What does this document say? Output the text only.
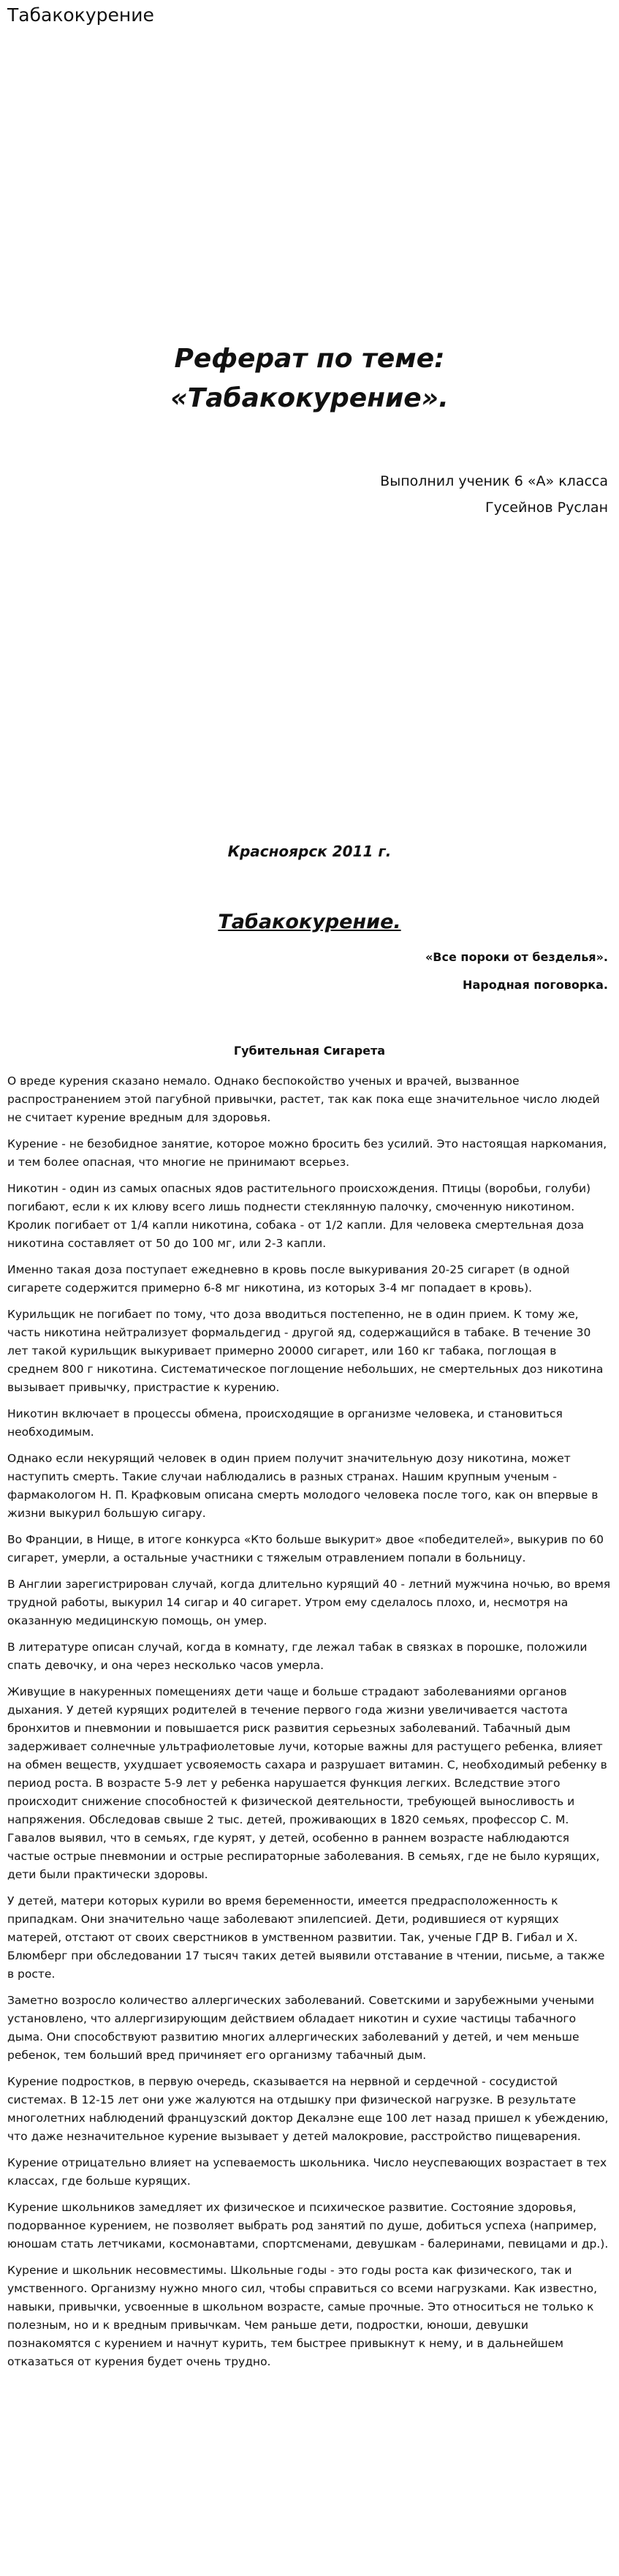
Табакокурение
Реферат по теме:
«Табакокурение».
Выполнил ученик 6 «А» класса
Гусейнов Руслан
Красноярск 2011 г.
Табакокурение.
«Все пороки от безделья».
Народная поговорка.
Губительная Сигарета

О вреде курения сказано немало. Однако беспокойство ученых и врачей, вызванное распространением этой пагубной привычки, растет, так как пока еще значительное число людей не считает курение вредным для здоровья.

Курение - не безобидное занятие, которое можно бросить без усилий. Это настоящая наркомания, и тем более опасная, что многие не принимают всерьез.

Никотин - один из самых опасных ядов растительного происхождения. Птицы (воробьи, голуби) погибают, если к их клюву всего лишь поднести стеклянную палочку, смоченную никотином. Кролик погибает от 1/4 капли никотина, собака - от 1/2 капли. Для человека смертельная доза никотина составляет от 50 до 100 мг, или 2-3 капли.

Именно такая доза поступает ежедневно в кровь после выкуривания 20-25 сигарет (в одной сигарете содержится примерно 6-8 мг никотина, из которых 3-4 мг попадает в кровь).

Курильщик не погибает по тому, что доза вводиться постепенно, не в один прием. К тому же, часть никотина нейтрализует формальдегид - другой яд, содержащийся в табаке. В течение 30 лет такой курильщик выкуривает примерно 20000 сигарет, или 160 кг табака, поглощая в среднем 800 г никотина. Систематическое поглощение небольших, не смертельных доз никотина вызывает привычку, пристрастие к курению.

Никотин включает в процессы обмена, происходящие в организме человека, и становиться необходимым.

Однако если некурящий человек в один прием получит значительную дозу никотина, может наступить смерть. Такие случаи наблюдались в разных странах. Нашим крупным ученым - фармакологом Н. П. Крафковым описана смерть молодого человека после того, как он впервые в жизни выкурил большую сигару.

Во Франции, в Нище, в итоге конкурса «Кто больше выкурит» двое «победителей», выкурив по 60 сигарет, умерли, а остальные участники с тяжелым отравлением попали в больницу.

В Англии зарегистрирован случай, когда длительно курящий 40 - летний мужчина ночью, во время трудной работы, выкурил 14 сигар и 40 сигарет. Утром ему сделалось плохо, и, несмотря на оказанную медицинскую помощь, он умер.

В литературе описан случай, когда в комнату, где лежал табак в связках в порошке, положили спать девочку, и она через несколько часов умерла.

Живущие в накуренных помещениях дети чаще и больше страдают заболеваниями органов дыхания. У детей курящих родителей в течение первого года жизни увеличивается частота бронхитов и пневмонии и повышается риск развития серьезных заболеваний. Табачный дым задерживает солнечные ультрафиолетовые лучи, которые важны для растущего ребенка, влияет на обмен веществ, ухудшает усвояемость сахара и разрушает витамин. С, необходимый ребенку в период роста. В возрасте 5-9 лет у ребенка нарушается функция легких. Вследствие этого происходит снижение способностей к физической деятельности, требующей выносливость и напряжения. Обследовав свыше 2 тыс. детей, проживающих в 1820 семьях, профессор С. М. Гавалов выявил, что в семьях, где курят, у детей, особенно в раннем возрасте наблюдаются частые острые пневмонии и острые респираторные заболевания. В семьях, где не было курящих, дети были практически здоровы.

У детей, матери которых курили во время беременности, имеется предрасположенность к припадкам. Они значительно чаще заболевают эпилепсией. Дети, родившиеся от курящих матерей, отстают от своих сверстников в умственном развитии. Так, ученые ГДР В. Гибал и Х. Блюмберг при обследовании 17 тысяч таких детей выявили отставание в чтении, письме, а также в росте.

Заметно возросло количество аллергических заболеваний. Советскими и зарубежными учеными установлено, что аллергизирующим действием обладает никотин и сухие частицы табачного дыма. Они способствуют развитию многих аллергических заболеваний у детей, и чем меньше ребенок, тем больший вред причиняет его организму табачный дым.

Курение подростков, в первую очередь, сказывается на нервной и сердечной - сосудистой системах. В 12-15 лет они уже жалуются на отдышку при физической нагрузке. В результате многолетних наблюдений французский доктор Декалэне еще 100 лет назад пришел к убеждению, что даже незначительное курение вызывает у детей малокровие, расстройство пищеварения.

Курение отрицательно влияет на успеваемость школьника. Число неуспевающих возрастает в тех классах, где больше курящих.

Курение школьников замедляет их физическое и психическое развитие. Состояние здоровья, подорванное курением, не позволяет выбрать род занятий по душе, добиться успеха (например, юношам стать летчиками, космонавтами, спортсменами, девушкам - балеринами, певицами и др.).

Курение и школьник несовместимы. Школьные годы - это годы роста как физического, так и умственного. Организму нужно много сил, чтобы справиться со всеми нагрузками. Как известно, навыки, привычки, усвоенные в школьном возрасте, самые прочные. Это относиться не только к полезным, но и к вредным привычкам. Чем раньше дети, подростки, юноши, девушки познакомятся с курением и начнут курить, тем быстрее привыкнут к нему, и в дальнейшем отказаться от курения будет очень трудно.
